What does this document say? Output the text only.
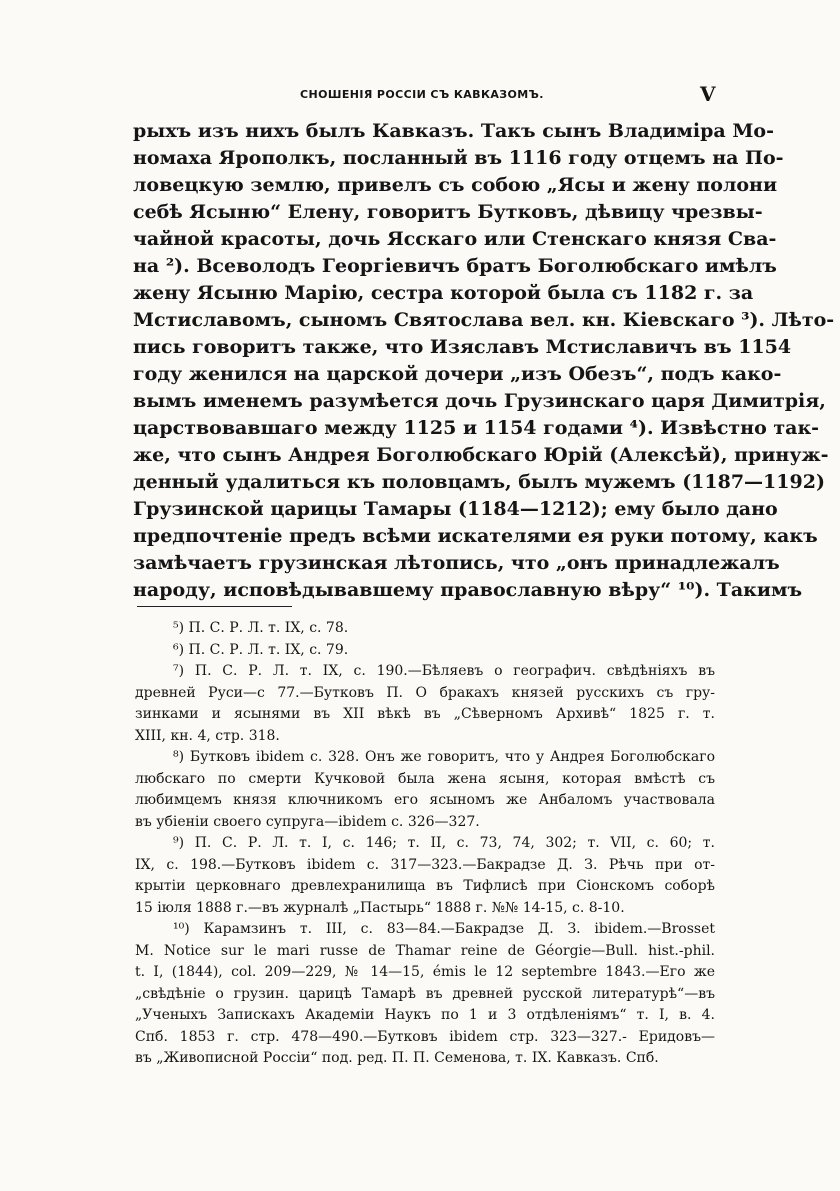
СНОШЕНІЯ РОССІИ СЪ КАВКАЗОМЪ.	V
рыхъ изъ нихъ былъ Кавказъ. Такъ сынъ Владиміра Мо-
номаха Ярополкъ, посланный въ 1116 году отцемъ на По-
ловецкую землю, привелъ съ собою „Ясы и жену полони
себѣ Ясыню“ Елену, говоритъ Бутковъ, дѣвицу чрезвы-
чайной красоты, дочь Ясскаго или Стенскаго князя Сва-
на ²). Всеволодъ Георгіевичъ братъ Боголюбскаго имѣлъ
жену Ясыню Марію, сестра которой была съ 1182 г. за
Мстиславомъ, сыномъ Святослава вел. кн. Кіевскаго ³). Лѣто-
пись говоритъ также, что Изяславъ Мстиславичъ въ 1154
году женился на царской дочери „изъ Обезъ“, подъ како-
вымъ именемъ разумѣется дочь Грузинскаго царя Димитрія,
царствовавшаго между 1125 и 1154 годами ⁴). Извѣстно так-
же, что сынъ Андрея Боголюбскаго Юрій (Алексѣй), принуж-
денный удалиться къ половцамъ, былъ мужемъ (1187—1192)
Грузинской царицы Тамары (1184—1212); ему было дано
предпочтеніе предъ всѣми искателями ея руки потому, какъ
замѣчаетъ грузинская лѣтопись, что „онъ принадлежалъ
народу, исповѣдывавшему православную вѣру“ ¹⁰). Такимъ
⁵) П. С. Р. Л. т. IX, с. 78.
⁶) П. С. Р. Л. т. IX, с. 79.
⁷) П. С. Р. Л. т. IX, с. 190.—Бѣляевъ о географич. свѣдѣніяхъ въ
древней Руси—с 77.—Бутковъ П. О бракахъ князей русскихъ съ гру-
зинками и ясынями въ XII вѣкѣ въ „Сѣверномъ Архивѣ“ 1825 г. т.
XIII, кн. 4, стр. 318.
⁸) Бутковъ ibidem с. 328. Онъ же говоритъ, что у Андрея Боголюбскаго
любскаго по смерти Кучковой была жена ясыня, которая вмѣстѣ съ
любимцемъ князя ключникомъ его ясыномъ же Анбаломъ участвовала
въ убіеніи своего супруга—ibidem с. 326—327.
⁹) П. С. Р. Л. т. I, с. 146; т. II, с. 73, 74, 302; т. VII, с. 60; т.
IX, с. 198.—Бутковъ ibidem с. 317—323.—Бакрадзе Д. З. Рѣчь при от-
крытіи церковнаго древлехранилища въ Тифлисѣ при Сіонскомъ соборѣ
15 іюля 1888 г.—въ журналѣ „Пастырь“ 1888 г. №№ 14-15, с. 8-10.
¹⁰) Карамзинъ т. III, с. 83—84.—Бакрадзе Д. З. ibidem.—Brosset
M. Notice sur le mari russe de Thamar reine de Géorgie—Bull. hist.-phil.
t. I, (1844), col. 209—229, № 14—15, émis le 12 septembre 1843.—Его же
„свѣдѣніе о грузин. царицѣ Тамарѣ въ древней русской литературѣ“—въ
„Ученыхъ Запискахъ Академіи Наукъ по 1 и 3 отдѣленіямъ“ т. I, в. 4.
Спб. 1853 г. стр. 478—490.—Бутковъ ibidem стр. 323—327.- Еридовъ—
въ „Живописной Россіи“ под. ред. П. П. Семенова, т. IX. Кавказъ. Спб.
